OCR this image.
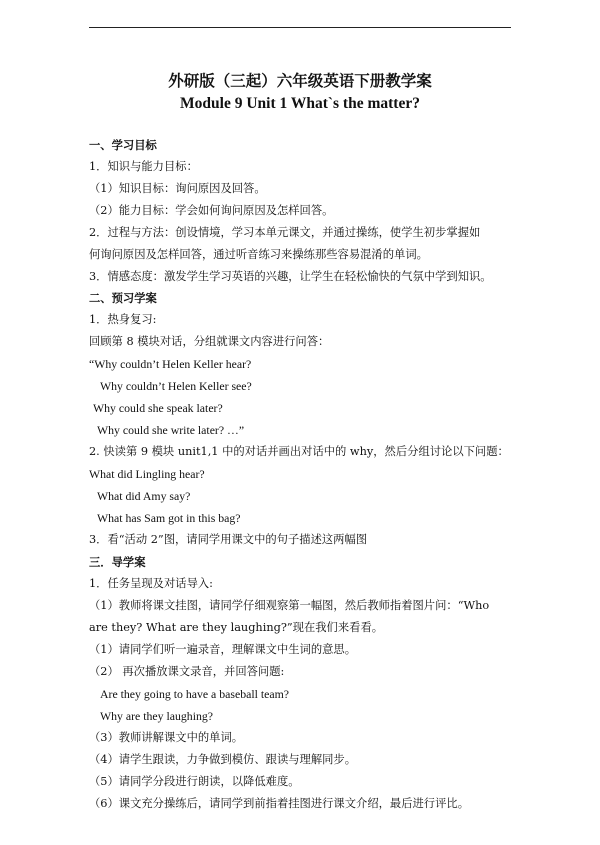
外研版（三起）六年级英语下册教学案
Module 9 Unit 1 What`s the matter?
一、学习目标
1．知识与能力目标：
（1）知识目标：询问原因及回答。
（2）能力目标：学会如何询问原因及怎样回答。
2．过程与方法：创设情境，学习本单元课文，并通过操练，使学生初步掌握如
何询问原因及怎样回答，通过听音练习来操练那些容易混淆的单词。
3．情感态度：激发学生学习英语的兴趣，让学生在轻松愉快的气氛中学到知识。
二、预习学案
1．热身复习:
回顾第 8 模块对话，分组就课文内容进行问答：
“Why couldn’t Helen Keller hear?
Why couldn’t Helen Keller see?
Why could she speak later?
Why could she write later? …”
2. 快读第 9 模块 unit1,1 中的对话并画出对话中的 why，然后分组讨论以下问题：
What did Lingling hear?
What did Amy say?
What has Sam got in this bag?
3．看“活动 2”图，请同学用课文中的句子描述这两幅图
三．导学案
1．任务呈现及对话导入:
（1）教师将课文挂图，请同学仔细观察第一幅图，然后教师指着图片问：“Who
are they? What are they laughing?”现在我们来看看。
（1）请同学们听一遍录音，理解课文中生词的意思。
（2） 再次播放课文录音，并回答问题:
Are they going to have a baseball team?
Why are they laughing?
（3）教师讲解课文中的单词。
（4）请学生跟读，力争做到模仿、跟读与理解同步。
（5）请同学分段进行朗读，以降低难度。
（6）课文充分操练后，请同学到前指着挂图进行课文介绍，最后进行评比。
